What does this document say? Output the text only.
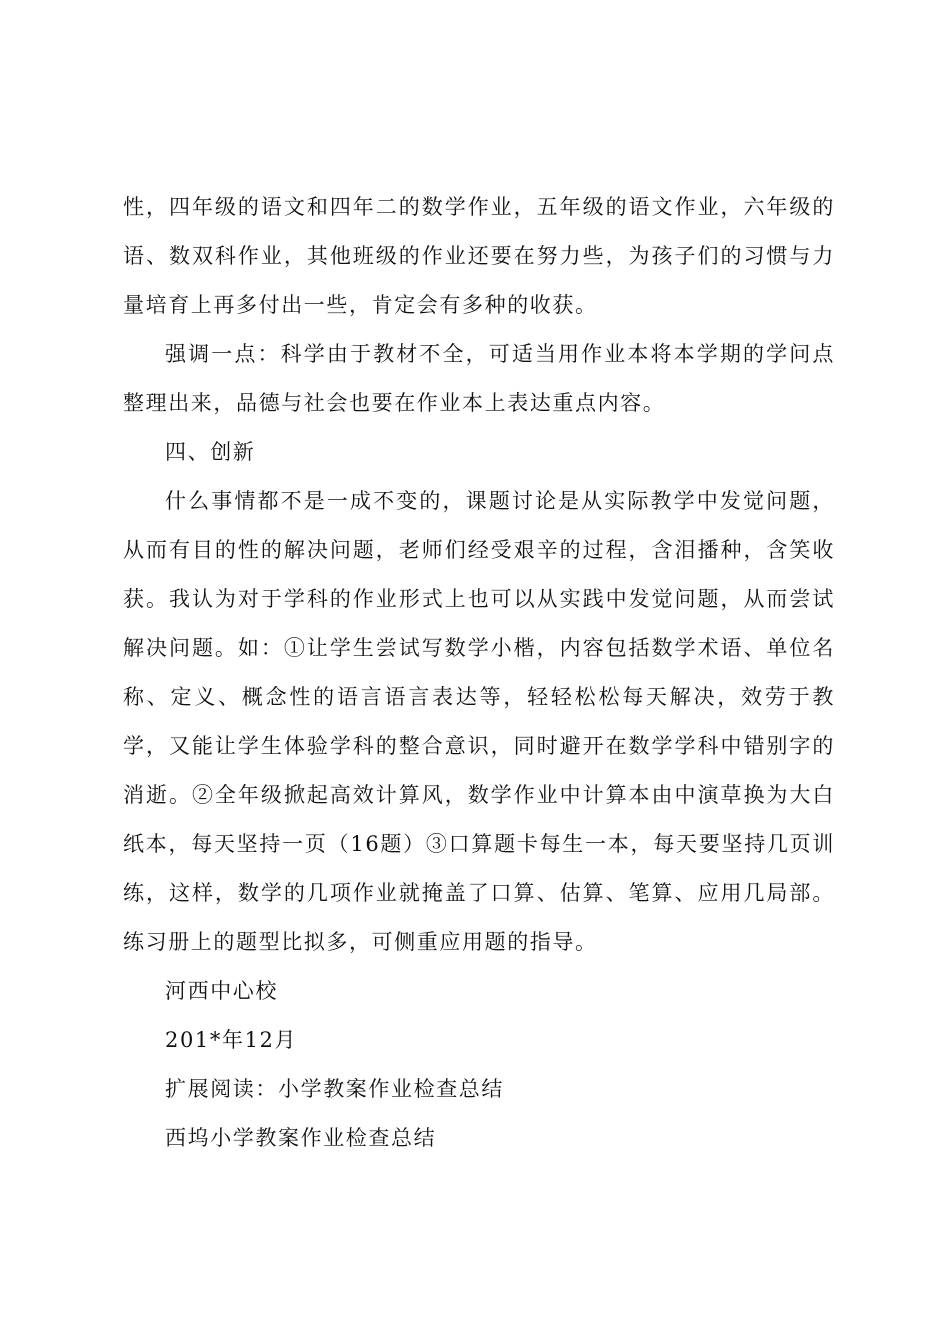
性，四年级的语文和四年二的数学作业，五年级的语文作业，六年级的语、数双科作业，其他班级的作业还要在努力些，为孩子们的习惯与力量培育上再多付出一些，肯定会有多种的收获。

强调一点：科学由于教材不全，可适当用作业本将本学期的学问点整理出来，品德与社会也要在作业本上表达重点内容。

四、创新

什么事情都不是一成不变的，课题讨论是从实际教学中发觉问题，从而有目的性的解决问题，老师们经受艰辛的过程，含泪播种，含笑收获。我认为对于学科的作业形式上也可以从实践中发觉问题，从而尝试解决问题。如：①让学生尝试写数学小楷，内容包括数学术语、单位名称、定义、概念性的语言语言表达等，轻轻松松每天解决，效劳于教学，又能让学生体验学科的整合意识，同时避开在数学学科中错别字的消逝。②全年级掀起高效计算风，数学作业中计算本由中演草换为大白纸本，每天坚持一页（16题）③口算题卡每生一本，每天要坚持几页训练，这样，数学的几项作业就掩盖了口算、估算、笔算、应用几局部。练习册上的题型比拟多，可侧重应用题的指导。

河西中心校

201*年12月

扩展阅读：小学教案作业检查总结

西坞小学教案作业检查总结
